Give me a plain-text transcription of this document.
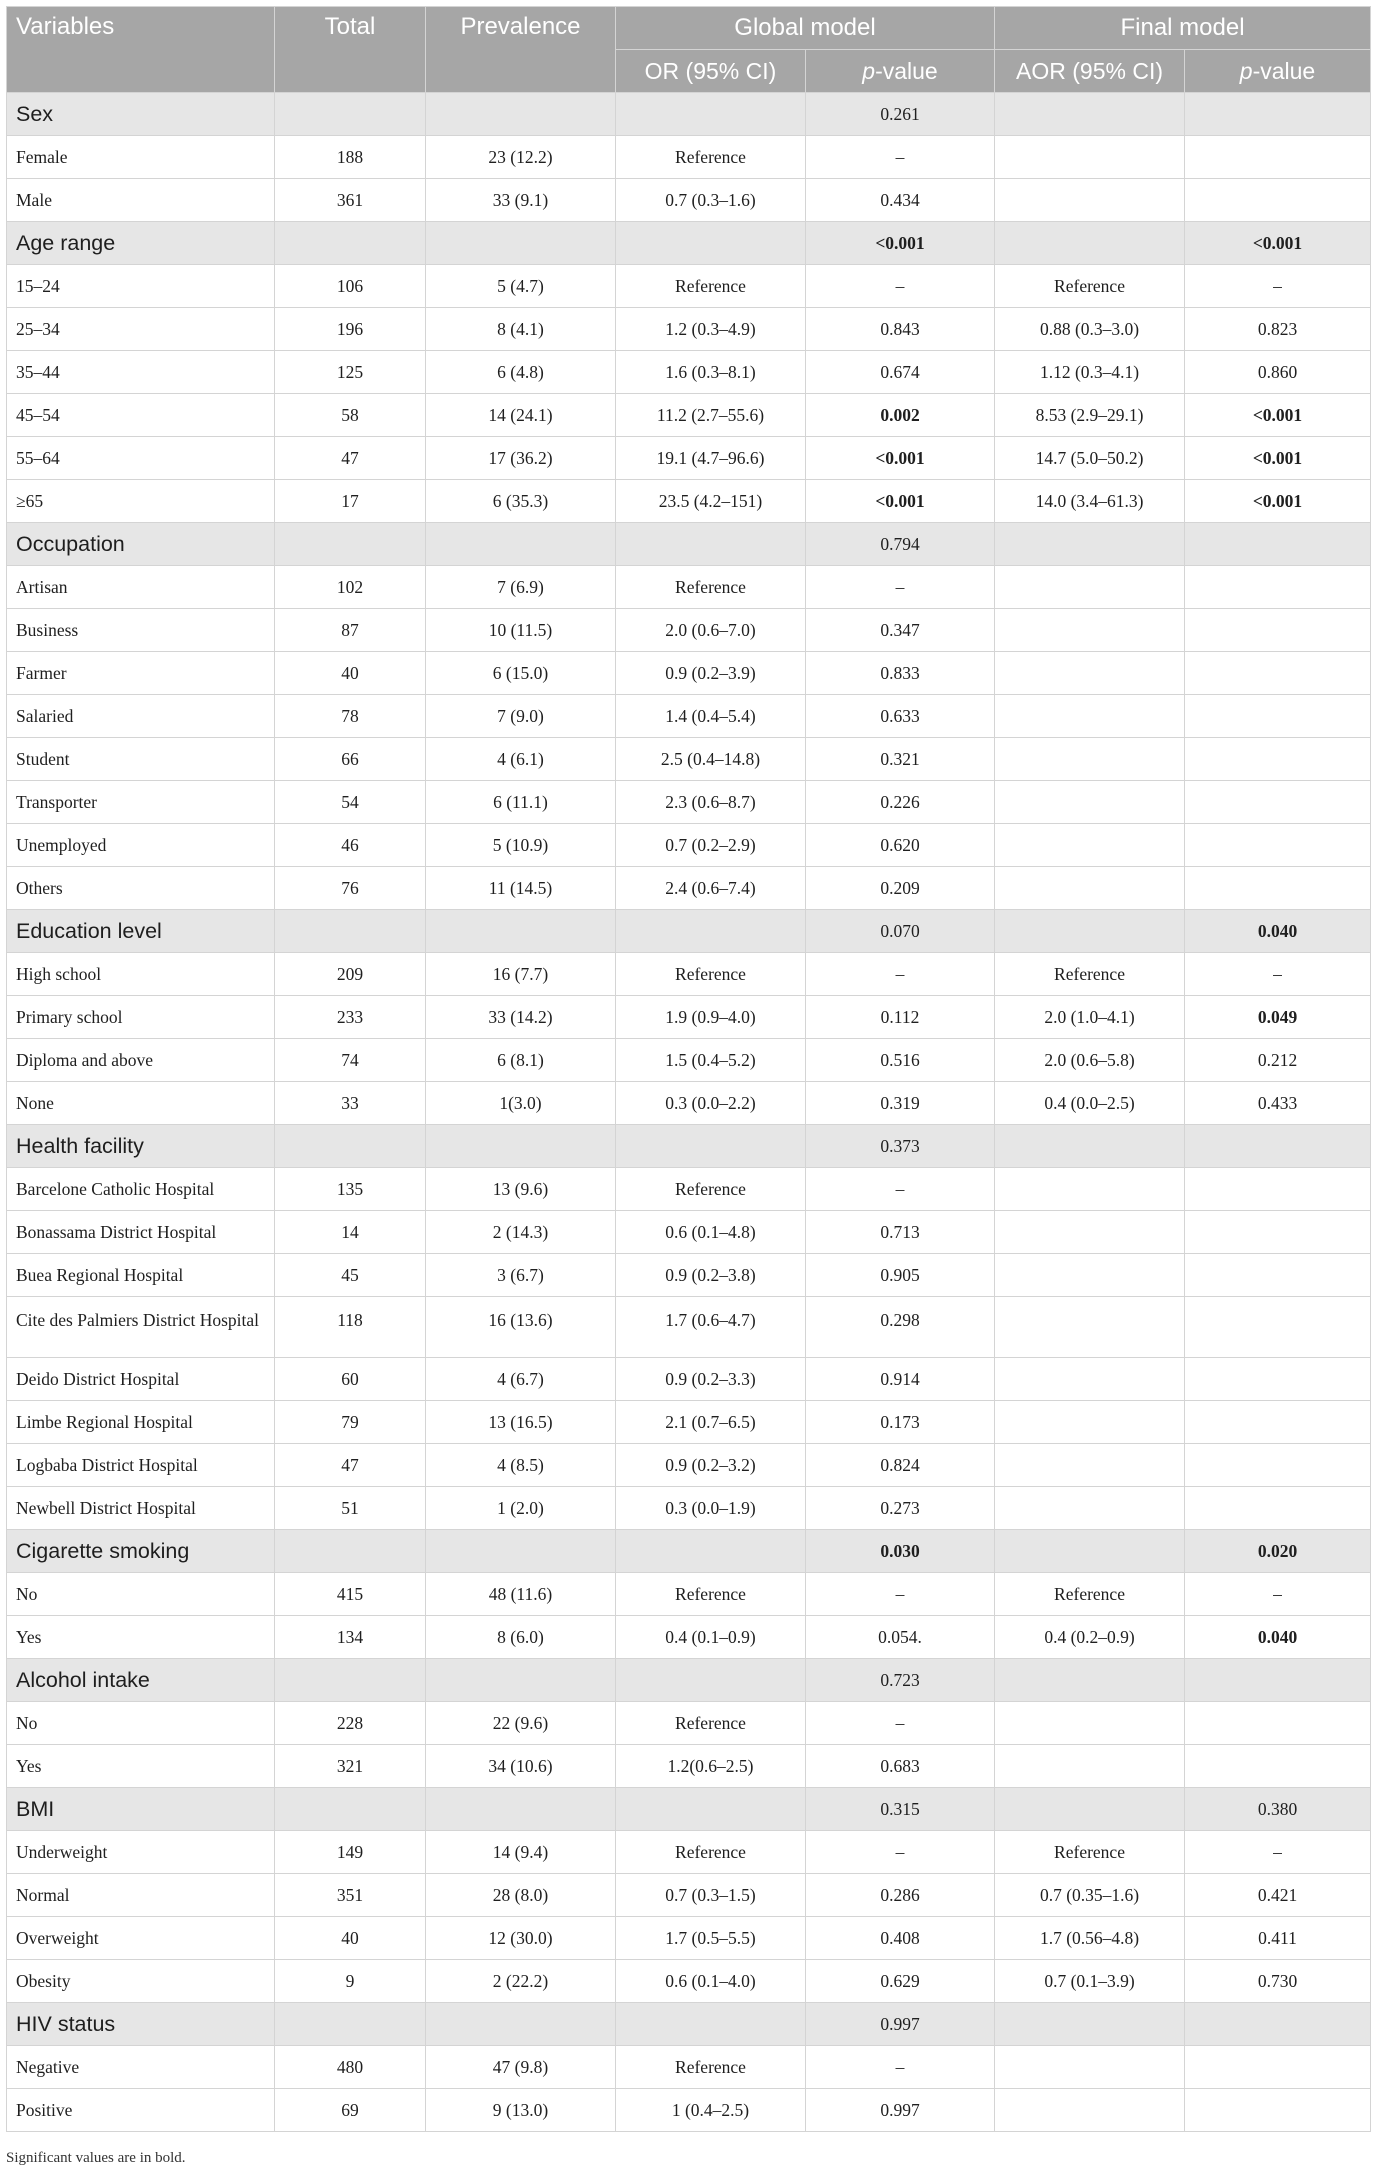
Variables	Total	Prevalence	Global model		Final model	
			OR (95% CI)	p-value	AOR (95% CI)	p-value
Sex				0.261		
Female	188	23 (12.2)	Reference	–		
Male	361	33 (9.1)	0.7 (0.3–1.6)	0.434		
Age range				<0.001		<0.001
15–24	106	5 (4.7)	Reference	–	Reference	–
25–34	196	8 (4.1)	1.2 (0.3–4.9)	0.843	0.88 (0.3–3.0)	0.823
35–44	125	6 (4.8)	1.6 (0.3–8.1)	0.674	1.12 (0.3–4.1)	0.860
45–54	58	14 (24.1)	11.2 (2.7–55.6)	0.002	8.53 (2.9–29.1)	<0.001
55–64	47	17 (36.2)	19.1 (4.7–96.6)	<0.001	14.7 (5.0–50.2)	<0.001
≥65	17	6 (35.3)	23.5 (4.2–151)	<0.001	14.0 (3.4–61.3)	<0.001
Occupation				0.794		
Artisan	102	7 (6.9)	Reference	–		
Business	87	10 (11.5)	2.0 (0.6–7.0)	0.347		
Farmer	40	6 (15.0)	0.9 (0.2–3.9)	0.833		
Salaried	78	7 (9.0)	1.4 (0.4–5.4)	0.633		
Student	66	4 (6.1)	2.5 (0.4–14.8)	0.321		
Transporter	54	6 (11.1)	2.3 (0.6–8.7)	0.226		
Unemployed	46	5 (10.9)	0.7 (0.2–2.9)	0.620		
Others	76	11 (14.5)	2.4 (0.6–7.4)	0.209		
Education level				0.070		0.040
High school	209	16 (7.7)	Reference	–	Reference	–
Primary school	233	33 (14.2)	1.9 (0.9–4.0)	0.112	2.0 (1.0–4.1)	0.049
Diploma and above	74	6 (8.1)	1.5 (0.4–5.2)	0.516	2.0 (0.6–5.8)	0.212
None	33	1(3.0)	0.3 (0.0–2.2)	0.319	0.4 (0.0–2.5)	0.433
Health facility				0.373		
Barcelone Catholic Hospital	135	13 (9.6)	Reference	–		
Bonassama District Hospital	14	2 (14.3)	0.6 (0.1–4.8)	0.713		
Buea Regional Hospital	45	3 (6.7)	0.9 (0.2–3.8)	0.905		
Cite des Palmiers District Hospital	118	16 (13.6)	1.7 (0.6–4.7)	0.298		
Deido District Hospital	60	4 (6.7)	0.9 (0.2–3.3)	0.914		
Limbe Regional Hospital	79	13 (16.5)	2.1 (0.7–6.5)	0.173		
Logbaba District Hospital	47	4 (8.5)	0.9 (0.2–3.2)	0.824		
Newbell District Hospital	51	1 (2.0)	0.3 (0.0–1.9)	0.273		
Cigarette smoking				0.030		0.020
No	415	48 (11.6)	Reference	–	Reference	–
Yes	134	8 (6.0)	0.4 (0.1–0.9)	0.054.	0.4 (0.2–0.9)	0.040
Alcohol intake				0.723		
No	228	22 (9.6)	Reference	–		
Yes	321	34 (10.6)	1.2(0.6–2.5)	0.683		
BMI				0.315		0.380
Underweight	149	14 (9.4)	Reference	–	Reference	–
Normal	351	28 (8.0)	0.7 (0.3–1.5)	0.286	0.7 (0.35–1.6)	0.421
Overweight	40	12 (30.0)	1.7 (0.5–5.5)	0.408	1.7 (0.56–4.8)	0.411
Obesity	9	2 (22.2)	0.6 (0.1–4.0)	0.629	0.7 (0.1–3.9)	0.730
HIV status				0.997		
Negative	480	47 (9.8)	Reference	–		
Positive	69	9 (13.0)	1 (0.4–2.5)	0.997		
Significant values are in bold.
